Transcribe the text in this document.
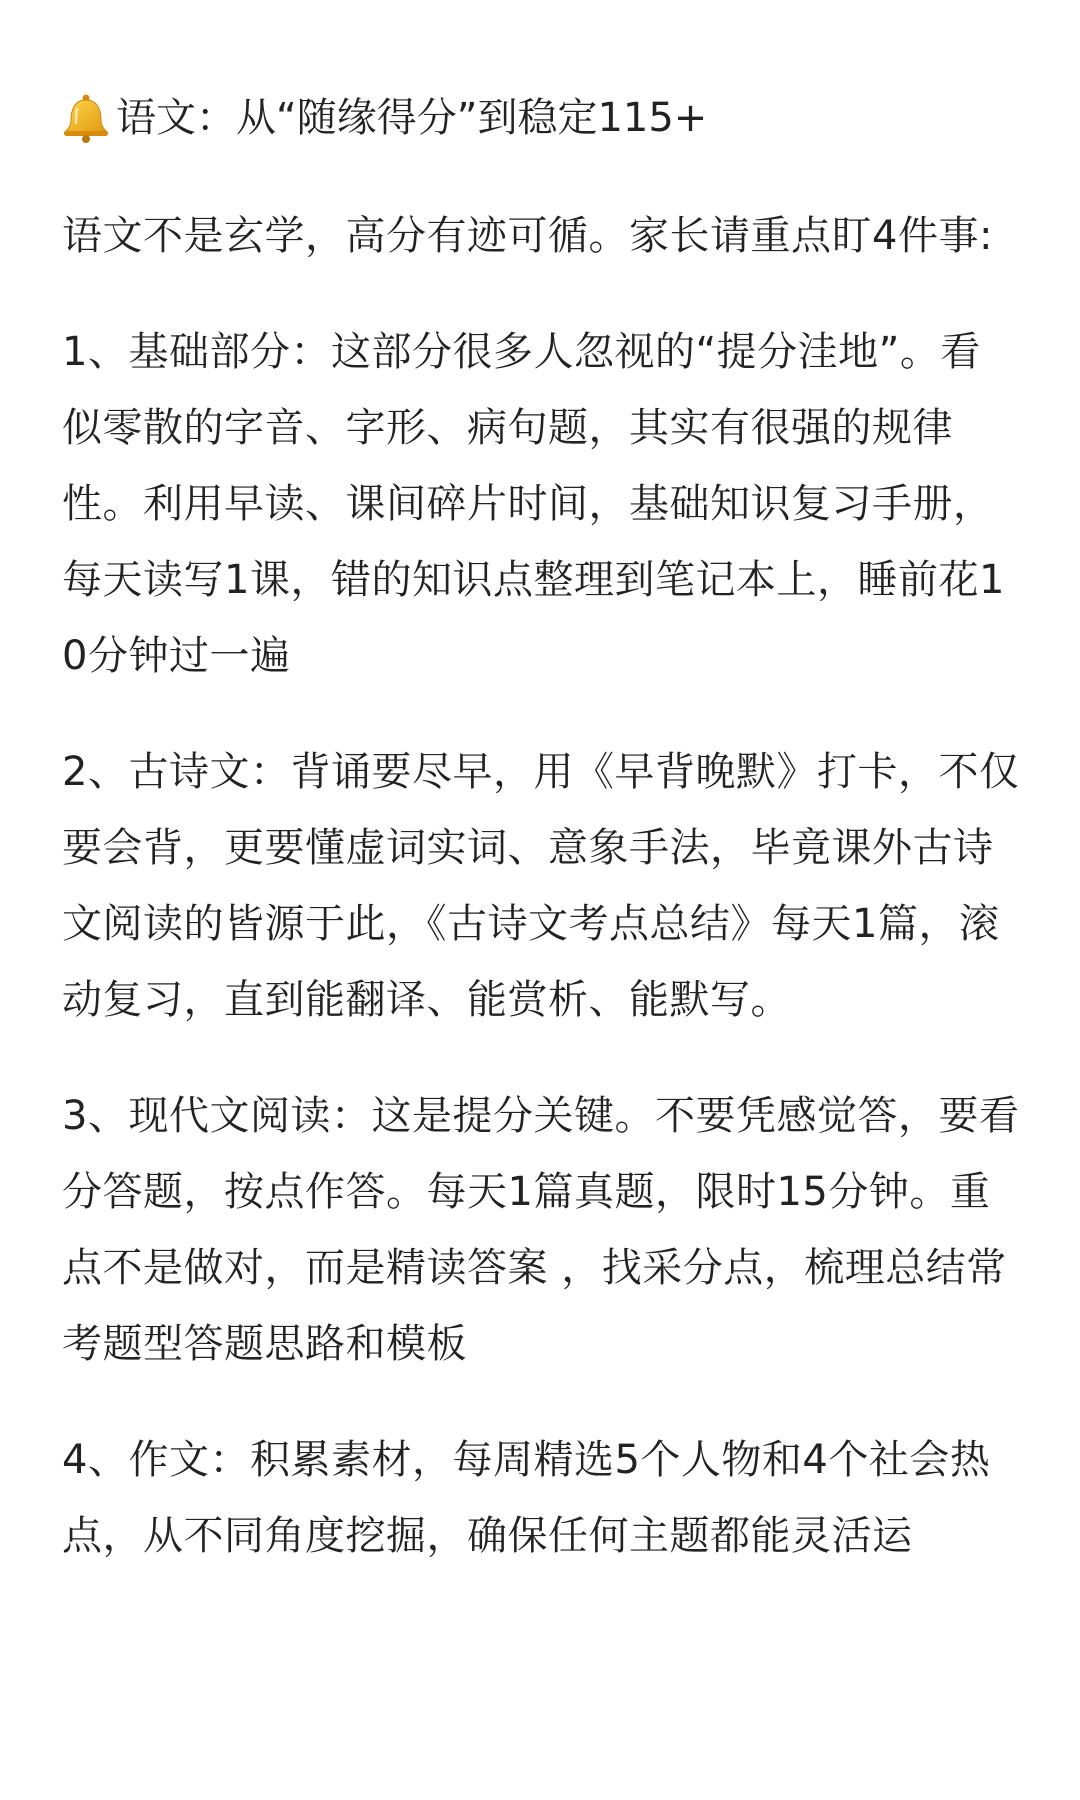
语文：从“随缘得分”到稳定115+

语文不是玄学，高分有迹可循。家长请重点盯4件事:

1、基础部分：这部分很多人忽视的“提分洼地”。看似零散的字音、字形、病句题，其实有很强的规律性。利用早读、课间碎片时间，基础知识复习手册，每天读写1课，错的知识点整理到笔记本上，睡前花10分钟过一遍

2、古诗文：背诵要尽早，用《早背晚默》打卡，不仅要会背，更要懂虚词实词、意象手法，毕竟课外古诗文阅读的皆源于此，《古诗文考点总结》每天1篇，滚动复习，直到能翻译、能赏析、能默写。

3、现代文阅读：这是提分关键。不要凭感觉答，要看分答题，按点作答。每天1篇真题，限时15分钟。重点不是做对，而是精读答案 ，找采分点，梳理总结常考题型答题思路和模板

4、作文：积累素材，每周精选5个人物和4个社会热点，从不同角度挖掘，确保任何主题都能灵活运
